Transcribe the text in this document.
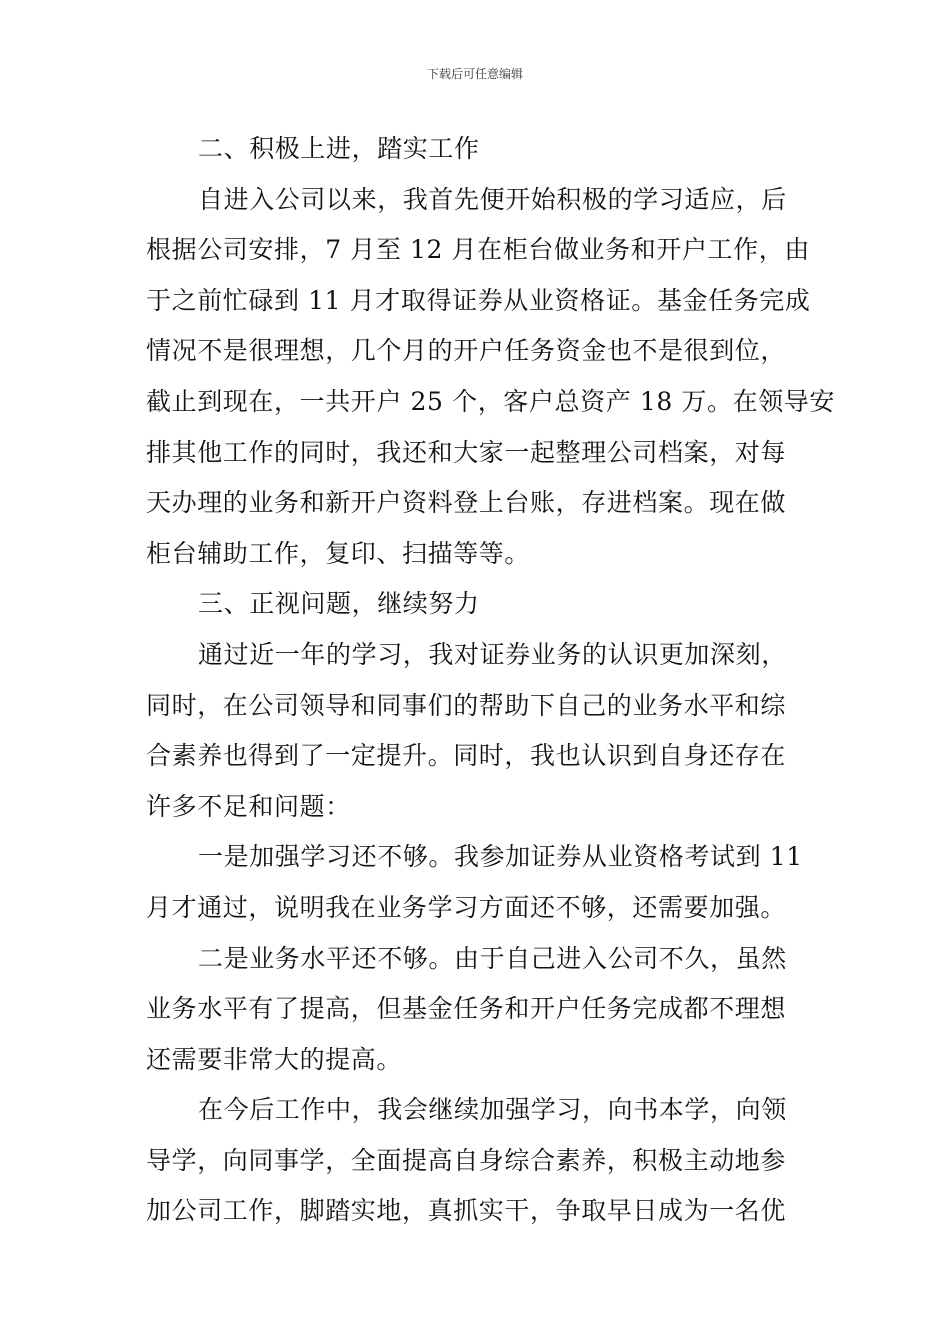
下载后可任意编辑

二、积极上进，踏实工作

自进入公司以来，我首先便开始积极的学习适应，后
根据公司安排，7 月至 12 月在柜台做业务和开户工作，由
于之前忙碌到 11 月才取得证券从业资格证。基金任务完成
情况不是很理想，几个月的开户任务资金也不是很到位，
截止到现在，一共开户 25 个，客户总资产 18 万。在领导安
排其他工作的同时，我还和大家一起整理公司档案，对每
天办理的业务和新开户资料登上台账，存进档案。现在做
柜台辅助工作，复印、扫描等等。

三、正视问题，继续努力

通过近一年的学习，我对证券业务的认识更加深刻，
同时，在公司领导和同事们的帮助下自己的业务水平和综
合素养也得到了一定提升。同时，我也认识到自身还存在
许多不足和问题：

一是加强学习还不够。我参加证券从业资格考试到 11
月才通过，说明我在业务学习方面还不够，还需要加强。

二是业务水平还不够。由于自己进入公司不久，虽然
业务水平有了提高，但基金任务和开户任务完成都不理想
还需要非常大的提高。

在今后工作中，我会继续加强学习，向书本学，向领
导学，向同事学，全面提高自身综合素养，积极主动地参
加公司工作，脚踏实地，真抓实干，争取早日成为一名优
